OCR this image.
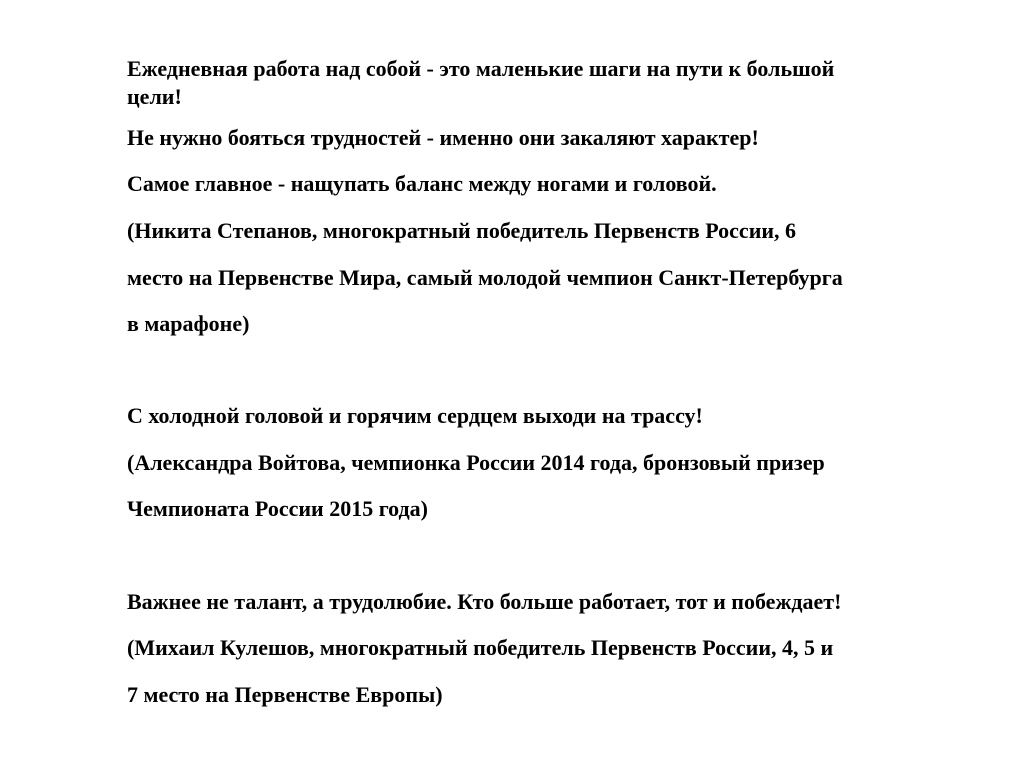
Ежедневная работа над собой - это маленькие шаги на пути к большой

цели!

Не нужно бояться трудностей - именно они закаляют характер!

Самое главное - нащупать баланс между ногами и головой.

(Никита Степанов, многократный победитель Первенств России, 6

место на Первенстве Мира, самый молодой чемпион Санкт-Петербурга

в марафоне)

С холодной головой и горячим сердцем выходи на трассу!

(Александра Войтова, чемпионка России 2014 года, бронзовый призер

Чемпионата России 2015 года)

Важнее не талант, а трудолюбие. Кто больше работает, тот и побеждает!

(Михаил Кулешов, многократный победитель Первенств России, 4, 5 и

7 место на Первенстве Европы)
